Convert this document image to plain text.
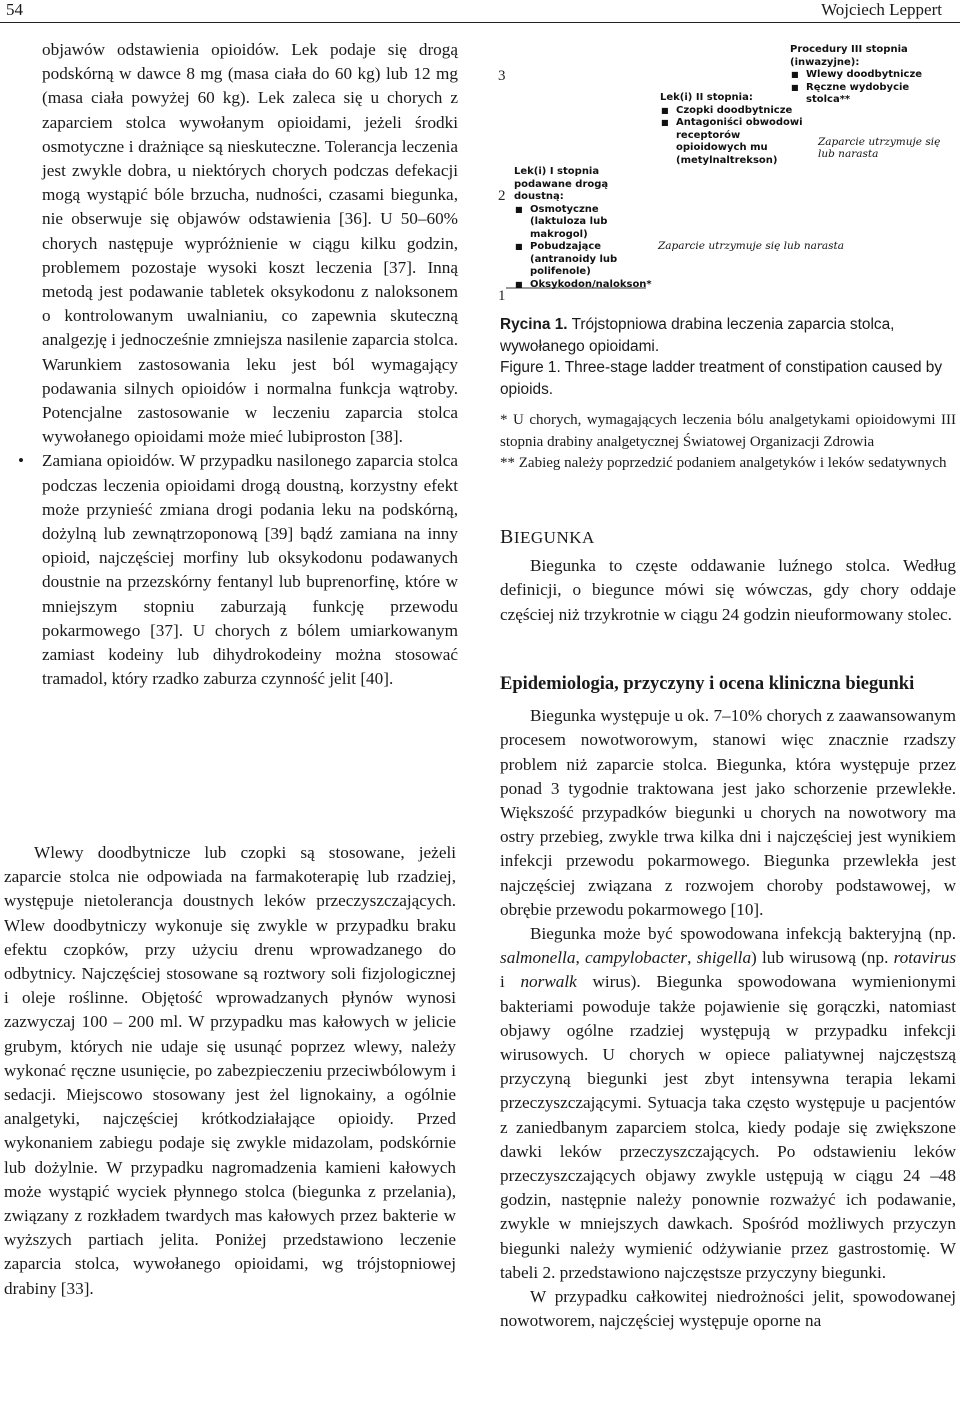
54	Wojciech Leppert

objawów odstawienia opioidów. Lek podaje się drogą podskórną w dawce 8 mg (masa ciała do 60 kg) lub 12 mg (masa ciała powyżej 60 kg). Lek zaleca się u chorych z zaparciem stolca wywołanym opioidami, jeżeli środki osmotyczne i drażniące są nieskuteczne. Tolerancja leczenia jest zwykle dobra, u niektórych chorych podczas defekacji mogą wystąpić bóle brzucha, nudności, czasami biegunka, nie obserwuje się objawów odstawienia [36]. U 50–60% chorych następuje wypróżnienie w ciągu kilku godzin, problemem pozostaje wysoki koszt leczenia [37]. Inną metodą jest podawanie tabletek oksykodonu z naloksonem o kontrolowanym uwalnianiu, co zapewnia skuteczną analgezję i jednocześnie zmniejsza nasilenie zaparcia stolca. Warunkiem zastosowania leku jest ból wymagający podawania silnych opioidów i normalna funkcja wątroby. Potencjalne zastosowanie w leczeniu zaparcia stolca wywołanego opioidami może mieć lubiproston [38].

• Zamiana opioidów. W przypadku nasilonego zaparcia stolca podczas leczenia opioidami drogą doustną, korzystny efekt może przynieść zmiana drogi podania leku na podskórną, dożylną lub zewnątrzoponową [39] bądź zamiana na inny opioid, najczęściej morfiny lub oksykodonu podawanych doustnie na przezskórny fentanyl lub buprenorfinę, które w mniejszym stopniu zaburzają funkcję przewodu pokarmowego [37]. U chorych z bólem umiarkowanym zamiast kodeiny lub dihydrokodeiny można stosować tramadol, który rzadko zaburza czynność jelit [40].

Wlewy doodbytnicze lub czopki są stosowane, jeżeli zaparcie stolca nie odpowiada na farmakoterapię lub rzadziej, występuje nietolerancja doustnych leków przeczyszczających. Wlew doodbytniczy wykonuje się zwykle w przypadku braku efektu czopków, przy użyciu drenu wprowadzanego do odbytnicy. Najczęściej stosowane są roztwory soli fizjologicznej i oleje roślinne. Objętość wprowadzanych płynów wynosi zazwyczaj 100 – 200 ml. W przypadku mas kałowych w jelicie grubym, których nie udaje się usunąć poprzez wlewy, należy wykonać ręczne usunięcie, po zabezpieczeniu przeciwbólowym i sedacji. Miejscowo stosowany jest żel lignokainy, a ogólnie analgetyki, najczęściej krótkodziałające opioidy. Przed wykonaniem zabiegu podaje się zwykle midazolam, podskórnie lub dożylnie. W przypadku nagromadzenia kamieni kałowych może wystąpić wyciek płynnego stolca (biegunka z przelania), związany z rozkładem twardych mas kałowych przez bakterie w wyższych partiach jelita. Poniżej przedstawiono leczenie zaparcia stolca, wywołanego opioidami, wg trójstopniowej drabiny [33].

3
2
1
Procedury III stopnia (inwazyjne):
■ Wlewy doodbytnicze
■ Ręczne wydobycie stolca**
Lek(i) II stopnia:
■ Czopki doodbytnicze
■ Antagoniści obwodowi receptorów opioidowych mu (metylnaltrekson)
Zaparcie utrzymuje się lub narasta
Lek(i) I stopnia podawane drogą doustną:
■ Osmotyczne (laktuloza lub makrogol)
■ Pobudzające (antranoidy lub polifenole)
■ Oksykodon/nalokson*
Zaparcie utrzymuje się lub narasta

Rycina 1. Trójstopniowa drabina leczenia zaparcia stolca, wywołanego opioidami.

Figure 1. Three-stage ladder treatment of constipation caused by opioids.

* U chorych, wymagających leczenia bólu analgetykami opioidowymi III stopnia drabiny analgetycznej Światowej Organizacji Zdrowia

** Zabieg należy poprzedzić podaniem analgetyków i leków sedatywnych

BIEGUNKA

Biegunka to częste oddawanie luźnego stolca. Według definicji, o biegunce mówi się wówczas, gdy chory oddaje częściej niż trzykrotnie w ciągu 24 godzin nieuformowany stolec.

Epidemiologia, przyczyny i ocena kliniczna biegunki

Biegunka występuje u ok. 7–10% chorych z zaawansowanym procesem nowotworowym, stanowi więc znacznie rzadszy problem niż zaparcie stolca. Biegunka, która występuje przez ponad 3 tygodnie traktowana jest jako schorzenie przewlekłe. Większość przypadków biegunki u chorych na nowotwory ma ostry przebieg, zwykle trwa kilka dni i najczęściej jest wynikiem infekcji przewodu pokarmowego. Biegunka przewlekła jest najczęściej związana z rozwojem choroby podstawowej, w obrębie przewodu pokarmowego [10].

Biegunka może być spowodowana infekcją bakteryjną (np. salmonella, campylobacter, shigella) lub wirusową (np. rotavirus i norwalk wirus). Biegunka spowodowana wymienionymi bakteriami powoduje także pojawienie się gorączki, natomiast objawy ogólne rzadziej występują w przypadku infekcji wirusowych. U chorych w opiece paliatywnej najczęstszą przyczyną biegunki jest zbyt intensywna terapia lekami przeczyszczającymi. Sytuacja taka często występuje u pacjentów z zaniedbanym zaparciem stolca, kiedy podaje się zwiększone dawki leków przeczyszczających. Po odstawieniu leków przeczyszczających objawy zwykle ustępują w ciągu 24 –48 godzin, następnie należy ponownie rozważyć ich podawanie, zwykle w mniejszych dawkach. Spośród możliwych przyczyn biegunki należy wymienić odżywianie przez gastrostomię. W tabeli 2. przedstawiono najczęstsze przyczyny biegunki.

W przypadku całkowitej niedrożności jelit, spowodowanej nowotworem, najczęściej występuje oporne na
